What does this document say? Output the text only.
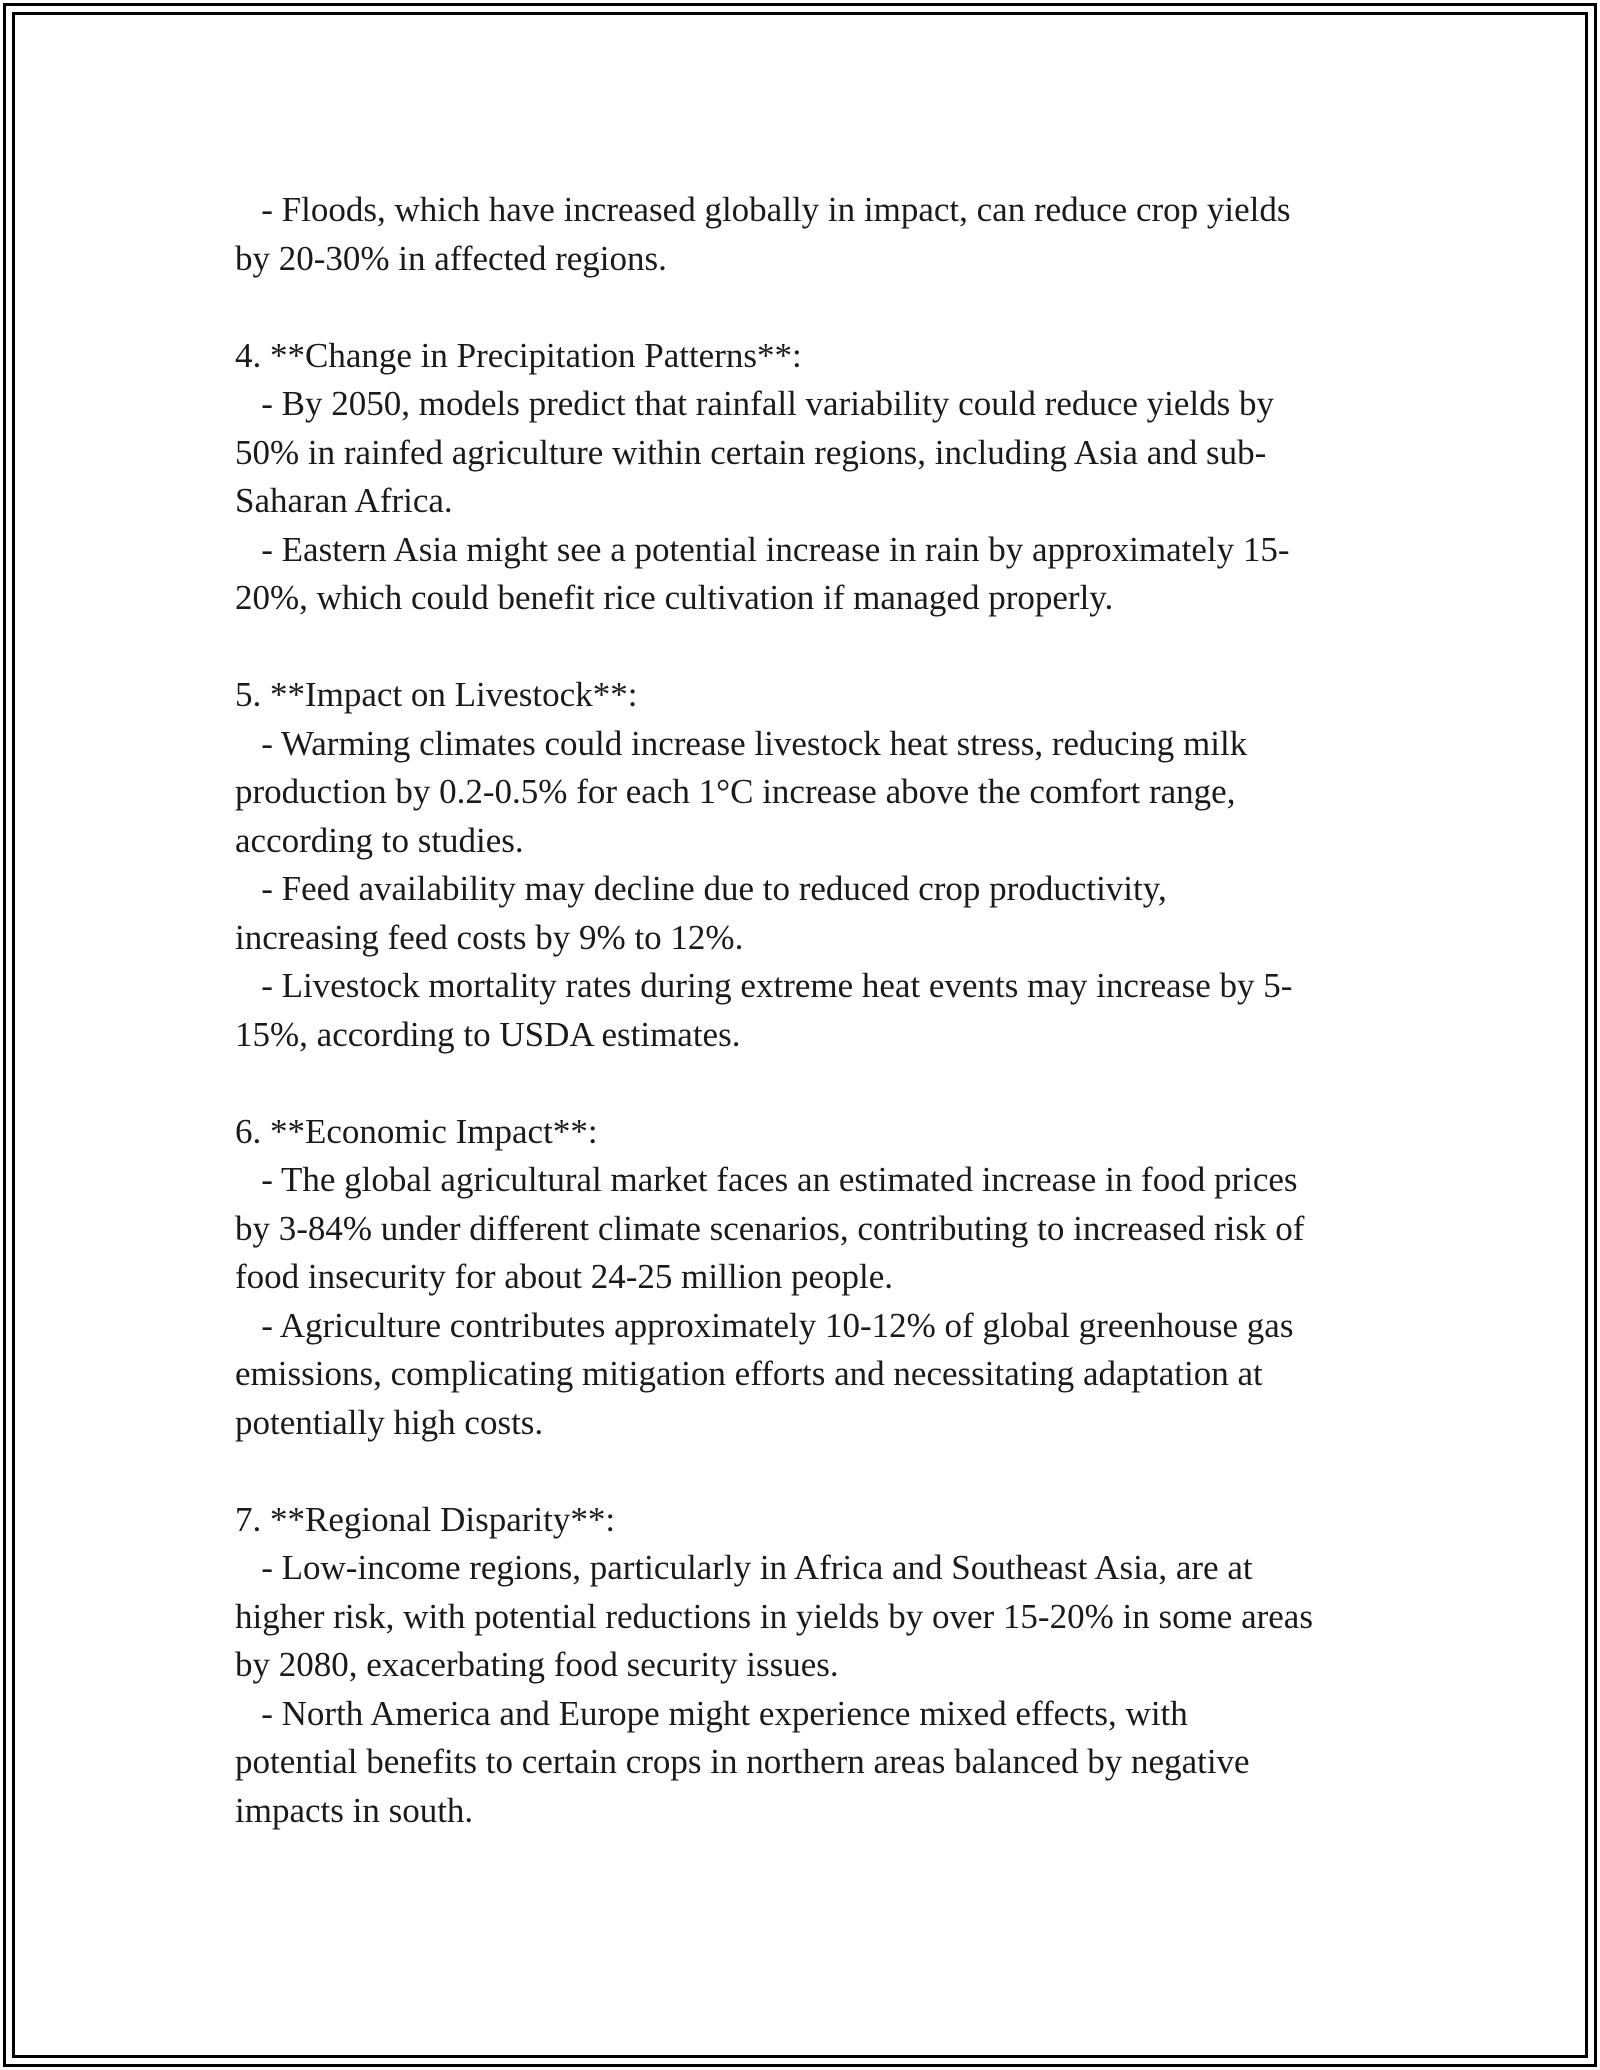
- Floods, which have increased globally in impact, can reduce crop yields
by 20-30% in affected regions.
4. **Change in Precipitation Patterns**:
- By 2050, models predict that rainfall variability could reduce yields by
50% in rainfed agriculture within certain regions, including Asia and sub-
Saharan Africa.
- Eastern Asia might see a potential increase in rain by approximately 15-
20%, which could benefit rice cultivation if managed properly.
5. **Impact on Livestock**:
- Warming climates could increase livestock heat stress, reducing milk
production by 0.2-0.5% for each 1°C increase above the comfort range,
according to studies.
- Feed availability may decline due to reduced crop productivity,
increasing feed costs by 9% to 12%.
- Livestock mortality rates during extreme heat events may increase by 5-
15%, according to USDA estimates.
6. **Economic Impact**:
- The global agricultural market faces an estimated increase in food prices
by 3-84% under different climate scenarios, contributing to increased risk of
food insecurity for about 24-25 million people.
- Agriculture contributes approximately 10-12% of global greenhouse gas
emissions, complicating mitigation efforts and necessitating adaptation at
potentially high costs.
7. **Regional Disparity**:
- Low-income regions, particularly in Africa and Southeast Asia, are at
higher risk, with potential reductions in yields by over 15-20% in some areas
by 2080, exacerbating food security issues.
- North America and Europe might experience mixed effects, with
potential benefits to certain crops in northern areas balanced by negative
impacts in south.
